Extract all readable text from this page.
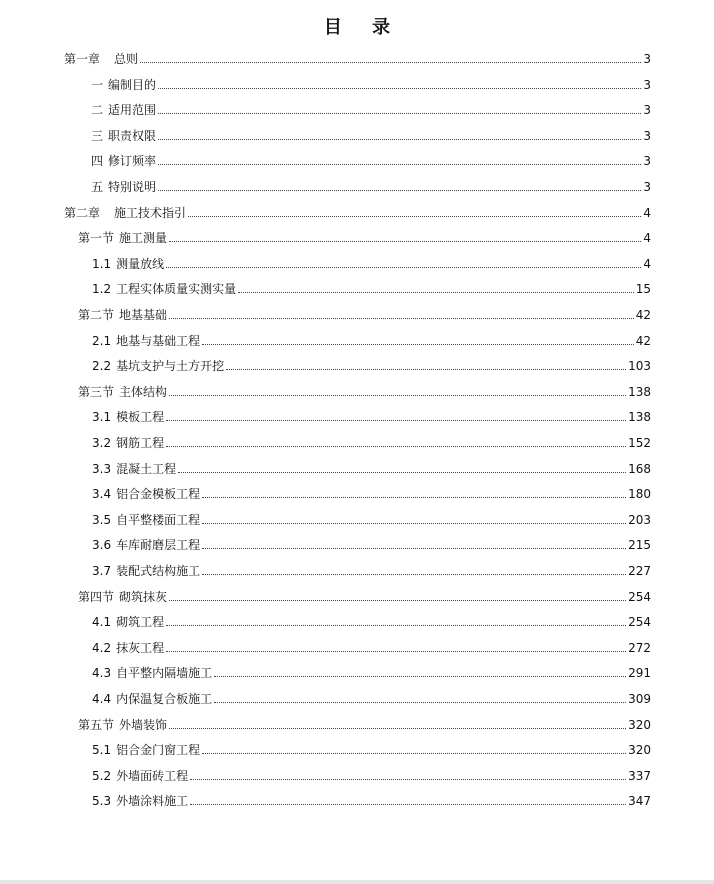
目 录
第一章 总则	3
一 编制目的	3
二 适用范围	3
三 职责权限	3
四 修订频率	3
五 特别说明	3
第二章 施工技术指引	4
第一节 施工测量	4
1.1 测量放线	4
1.2 工程实体质量实测实量	15
第二节 地基基础	42
2.1 地基与基础工程	42
2.2 基坑支护与土方开挖	103
第三节 主体结构	138
3.1 模板工程	138
3.2 钢筋工程	152
3.3 混凝土工程	168
3.4 铝合金模板工程	180
3.5 自平整楼面工程	203
3.6 车库耐磨层工程	215
3.7 装配式结构施工	227
第四节 砌筑抹灰	254
4.1 砌筑工程	254
4.2 抹灰工程	272
4.3 自平整内隔墙施工	291
4.4 内保温复合板施工	309
第五节 外墙装饰	320
5.1 铝合金门窗工程	320
5.2 外墙面砖工程	337
5.3 外墙涂料施工	347
